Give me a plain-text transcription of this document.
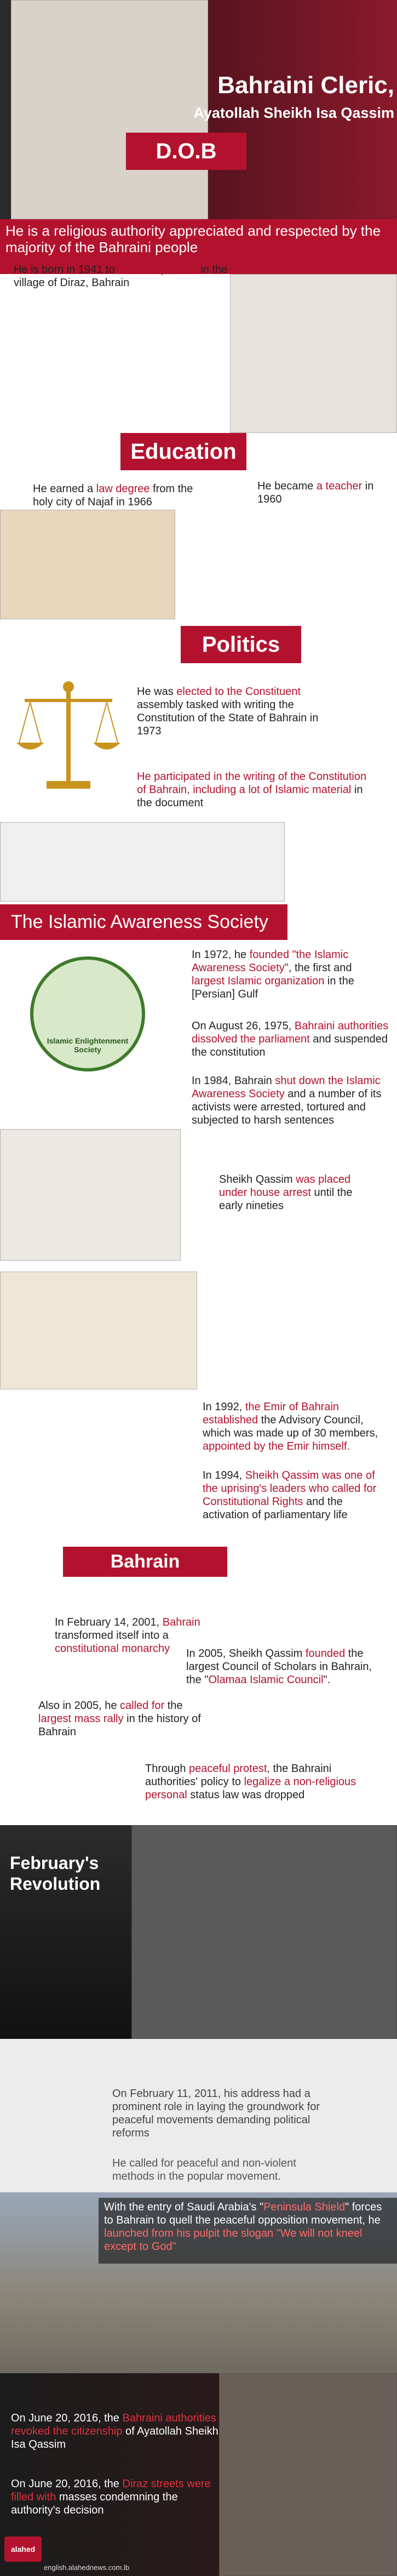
Bahraini Cleric,
Ayatollah Sheikh Isa Qassim
D.O.B
He is a religious authority appreciated and respected by the majority of the Bahraini people
He is born in 1941 to Bahraini parents in the village of Diraz, Bahrain
Education
He earned a law degree from the holy city of Najaf in 1966
He became a teacher in 1960
Politics
He was elected to the Constituent assembly tasked with writing the Constitution of the State of Bahrain in 1973
He participated in the writing of the Constitution of Bahrain, including a lot of Islamic material in the document
The Islamic Awareness Society
Islamic Enlightenment Society
In 1972, he founded "the Islamic Awareness Society", the first and largest Islamic organization in the [Persian] Gulf
On August 26, 1975, Bahraini authorities dissolved the parliament and suspended the constitution
In 1984, Bahrain shut down the Islamic Awareness Society and a number of its activists were arrested, tortured and subjected to harsh sentences
Sheikh Qassim was placed under house arrest until the early nineties
In 1992, the Emir of Bahrain established the Advisory Council, which was made up of 30 members, appointed by the Emir himself.
In 1994, Sheikh Qassim was one of the uprising's leaders who called for Constitutional Rights and the activation of parliamentary life
Bahrain
In February 14, 2001, Bahrain transformed itself into a constitutional monarchy	In 2005, Sheikh Qassim founded the largest Council of Scholars in Bahrain, the "Olamaa Islamic Council".
Also in 2005, he called for the largest mass rally in the history of Bahrain
Through peaceful protest, the Bahraini authorities' policy to legalize a non-religious personal status law was dropped
February's
Revolution
On February 11, 2011, his address had a prominent role in laying the groundwork for peaceful movements demanding political reforms
He called for peaceful and non-violent methods in the popular movement.
With the entry of Saudi Arabia's "Peninsula Shield" forces to Bahrain to quell the peaceful opposition movement, he launched from his pulpit the slogan "We will not kneel except to God"
On June 20, 2016, the Bahraini authorities revoked the citizenship of Ayatollah Sheikh Isa Qassim
On June 20, 2016, the Diraz streets were filled with masses condemning the authority's decision
alahed
english.alahednews.com.lb
